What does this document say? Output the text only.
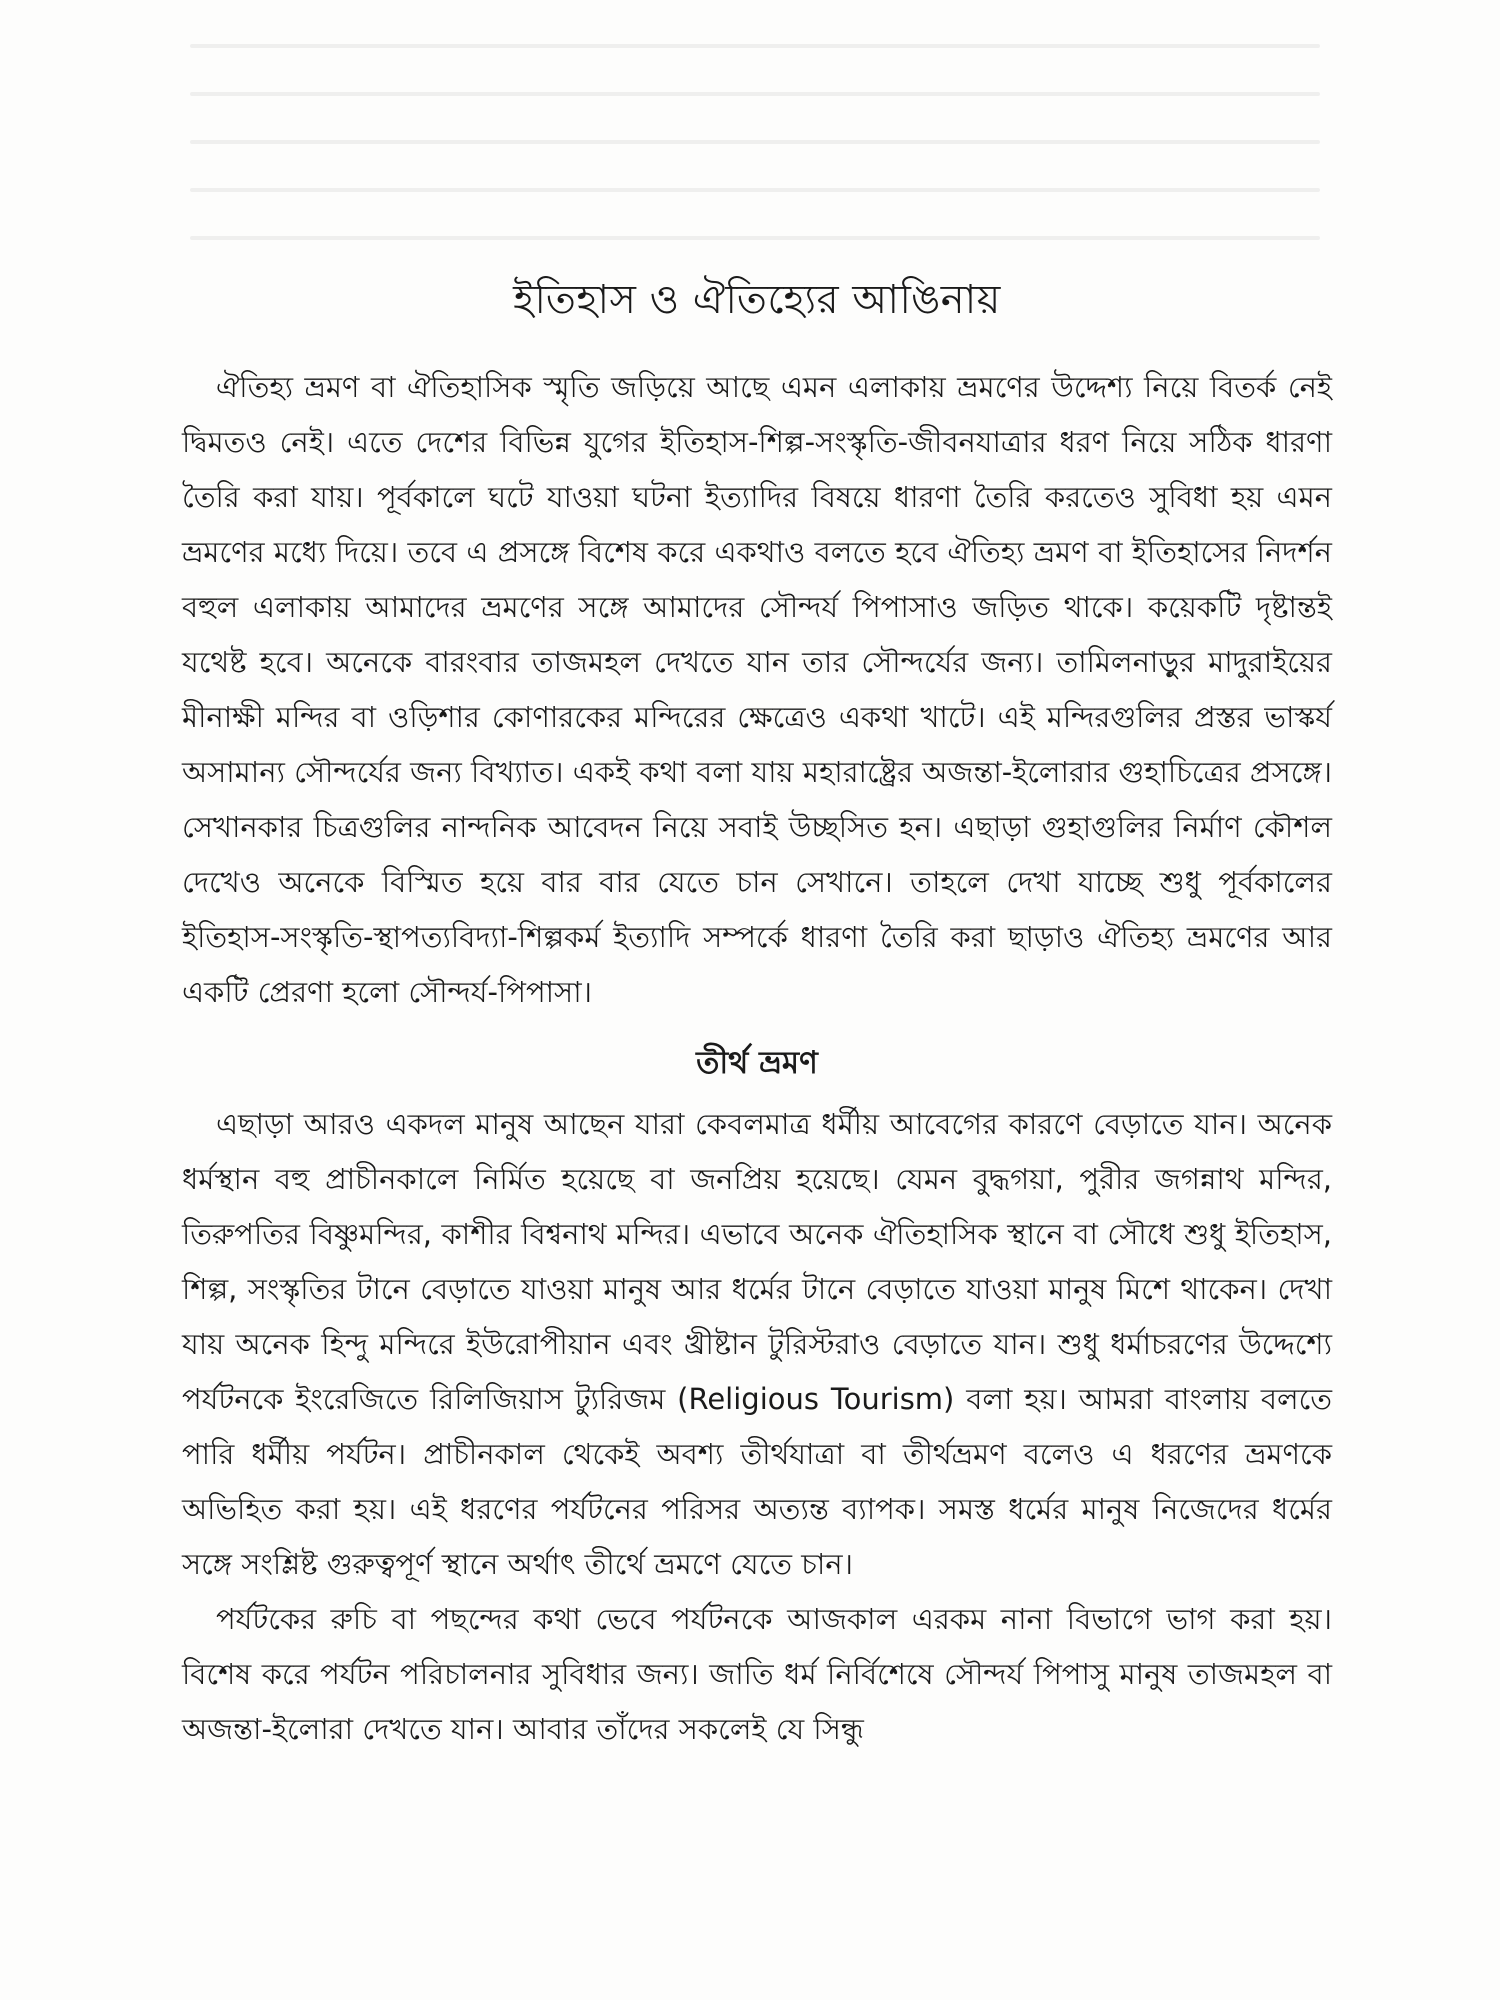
ইতিহাস ও ঐতিহ্যের আঙিনায়

ঐতিহ্য ভ্রমণ বা ঐতিহাসিক স্মৃতি জড়িয়ে আছে এমন এলাকায় ভ্রমণের উদ্দেশ্য নিয়ে বিতর্ক নেই দ্বিমতও নেই। এতে দেশের বিভিন্ন যুগের ইতিহাস-শিল্প-সংস্কৃতি-জীবনযাত্রার ধরণ নিয়ে সঠিক ধারণা তৈরি করা যায়। পূর্বকালে ঘটে যাওয়া ঘটনা ইত্যাদির বিষয়ে ধারণা তৈরি করতেও সুবিধা হয় এমন ভ্রমণের মধ্যে দিয়ে। তবে এ প্রসঙ্গে বিশেষ করে একথাও বলতে হবে ঐতিহ্য ভ্রমণ বা ইতিহাসের নিদর্শন বহুল এলাকায় আমাদের ভ্রমণের সঙ্গে আমাদের সৌন্দর্য পিপাসাও জড়িত থাকে। কয়েকটি দৃষ্টান্তই যথেষ্ট হবে। অনেকে বারংবার তাজমহল দেখতে যান তার সৌন্দর্যের জন্য। তামিলনাড়ুর মাদুরাইয়ের মীনাক্ষী মন্দির বা ওড়িশার কোণারকের মন্দিরের ক্ষেত্রেও একথা খাটে। এই মন্দিরগুলির প্রস্তর ভাস্কর্য অসামান্য সৌন্দর্যের জন্য বিখ্যাত। একই কথা বলা যায় মহারাষ্ট্রের অজন্তা-ইলোরার গুহাচিত্রের প্রসঙ্গে। সেখানকার চিত্রগুলির নান্দনিক আবেদন নিয়ে সবাই উচ্ছসিত হন। এছাড়া গুহাগুলির নির্মাণ কৌশল দেখেও অনেকে বিস্মিত হয়ে বার বার যেতে চান সেখানে। তাহলে দেখা যাচ্ছে শুধু পূর্বকালের ইতিহাস-সংস্কৃতি-স্থাপত্যবিদ্যা-শিল্পকর্ম ইত্যাদি সম্পর্কে ধারণা তৈরি করা ছাড়াও ঐতিহ্য ভ্রমণের আর একটি প্রেরণা হলো সৌন্দর্য-পিপাসা।

তীর্থ ভ্রমণ

এছাড়া আরও একদল মানুষ আছেন যারা কেবলমাত্র ধর্মীয় আবেগের কারণে বেড়াতে যান। অনেক ধর্মস্থান বহু প্রাচীনকালে নির্মিত হয়েছে বা জনপ্রিয় হয়েছে। যেমন বুদ্ধগয়া, পুরীর জগন্নাথ মন্দির, তিরুপতির বিষ্ণুমন্দির, কাশীর বিশ্বনাথ মন্দির। এভাবে অনেক ঐতিহাসিক স্থানে বা সৌধে শুধু ইতিহাস, শিল্প, সংস্কৃতির টানে বেড়াতে যাওয়া মানুষ আর ধর্মের টানে বেড়াতে যাওয়া মানুষ মিশে থাকেন। দেখা যায় অনেক হিন্দু মন্দিরে ইউরোপীয়ান এবং খ্রীষ্টান টুরিস্টরাও বেড়াতে যান। শুধু ধর্মাচরণের উদ্দেশ্যে পর্যটনকে ইংরেজিতে রিলিজিয়াস ট্যুরিজম (Religious Tourism) বলা হয়। আমরা বাংলায় বলতে পারি ধর্মীয় পর্যটন। প্রাচীনকাল থেকেই অবশ্য তীর্থযাত্রা বা তীর্থভ্রমণ বলেও এ ধরণের ভ্রমণকে অভিহিত করা হয়। এই ধরণের পর্যটনের পরিসর অত্যন্ত ব্যাপক। সমস্ত ধর্মের মানুষ নিজেদের ধর্মের সঙ্গে সংশ্লিষ্ট গুরুত্বপূর্ণ স্থানে অর্থাৎ তীর্থে ভ্রমণে যেতে চান।

পর্যটকের রুচি বা পছন্দের কথা ভেবে পর্যটনকে আজকাল এরকম নানা বিভাগে ভাগ করা হয়। বিশেষ করে পর্যটন পরিচালনার সুবিধার জন্য। জাতি ধর্ম নির্বিশেষে সৌন্দর্য পিপাসু মানুষ তাজমহল বা অজন্তা-ইলোরা দেখতে যান। আবার তাঁদের সকলেই যে সিন্ধু
